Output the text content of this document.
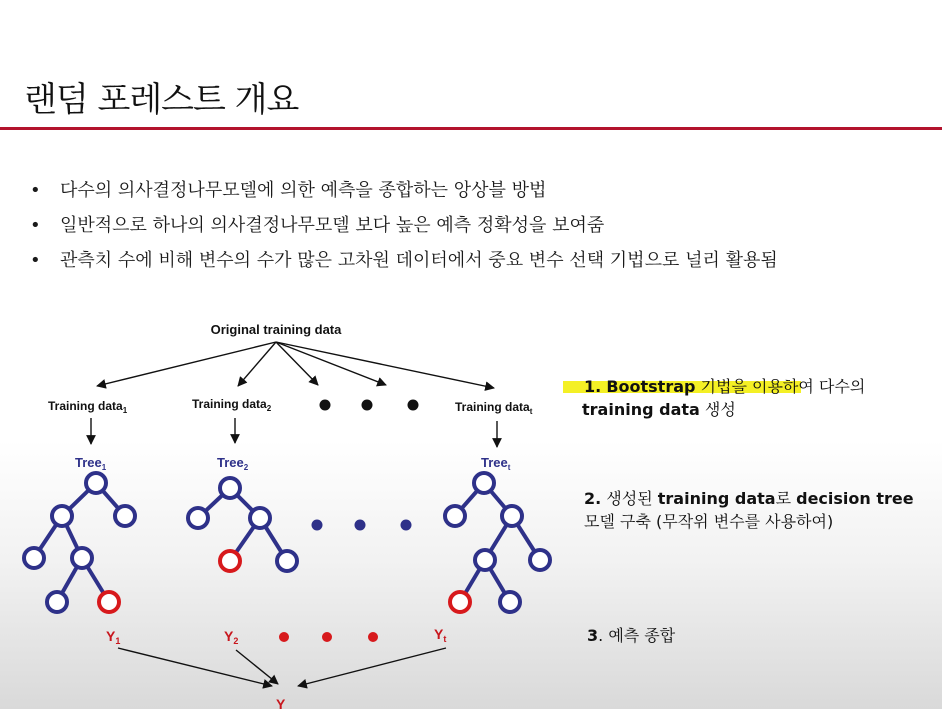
랜덤 포레스트 개요
• 다수의 의사결정나무모델에 의한 예측을 종합하는 앙상블 방법
• 일반적으로 하나의 의사결정나무모델 보다 높은 예측 정확성을 보여줌
• 관측치 수에 비해 변수의 수가 많은 고차원 데이터에서 중요 변수 선택 기법으로 널리 활용됨
Original training data
Training data$_1$	Training data$_2$	Training data$_t$
Tree$_1$	Tree$_2$	Tree$_t$
$Y_1$	$Y_2$	$Y_t$
Y
1. Bootstrap 기법을 이용하여 다수의
training data 생성
2. 생성된 training data로 decision tree
모델 구축 (무작위 변수를 사용하여)
3. 예측 종합
